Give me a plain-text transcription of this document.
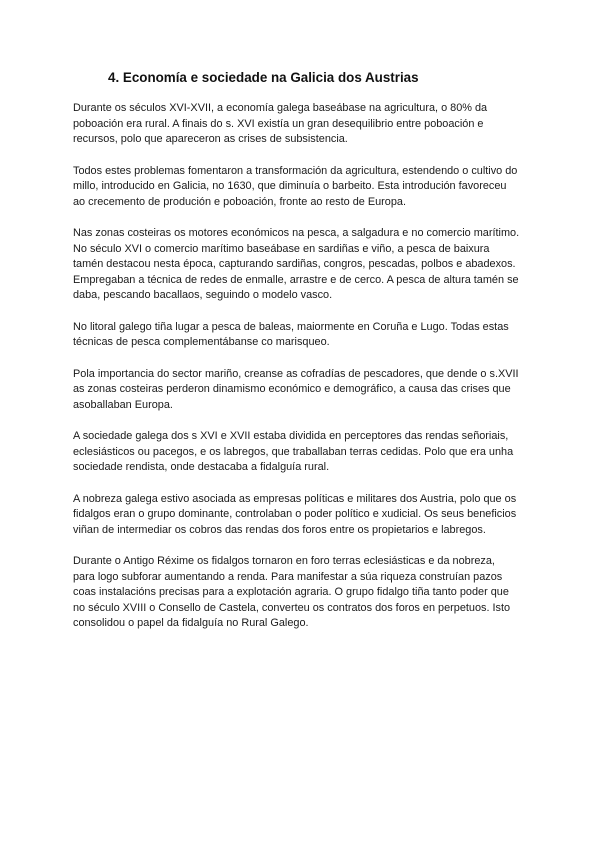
4. Economía e sociedade na Galicia dos Austrias

Durante os séculos XVI-XVII, a economía galega baseábase na agricultura, o 80% da
poboación era rural. A finais do s. XVI existía un gran desequilibrio entre poboación e
recursos, polo que apareceron as crises de subsistencia.

Todos estes problemas fomentaron a transformación da agricultura, estendendo o cultivo do
millo, introducido en Galicia, no 1630, que diminuía o barbeito. Esta introdución favoreceu
ao crecemento de produción e poboación, fronte ao resto de Europa.

Nas zonas costeiras os motores económicos na pesca, a salgadura e no comercio marítimo.
No século XVI o comercio marítimo baseábase en sardiñas e viño, a pesca de baixura
tamén destacou nesta época, capturando sardiñas, congros, pescadas, polbos e abadexos.
Empregaban a técnica de redes de enmalle, arrastre e de cerco. A pesca de altura tamén se
daba, pescando bacallaos, seguindo o modelo vasco.

No litoral galego tiña lugar a pesca de baleas, maiormente en Coruña e Lugo. Todas estas
técnicas de pesca complementábanse co marisqueo.

Pola importancia do sector mariño, creanse as cofradías de pescadores, que dende o s.XVII
as zonas costeiras perderon dinamismo económico e demográfico, a causa das crises que
asoballaban Europa.

A sociedade galega dos s XVI e XVII estaba dividida en perceptores das rendas señoriais,
eclesiásticos ou pacegos, e os labregos, que traballaban terras cedidas. Polo que era unha
sociedade rendista, onde destacaba a fidalguía rural.

A nobreza galega estivo asociada as empresas políticas e militares dos Austria, polo que os
fidalgos eran o grupo dominante, controlaban o poder político e xudicial. Os seus beneficios
viñan de intermediar os cobros das rendas dos foros entre os propietarios e labregos.

Durante o Antigo Réxime os fidalgos tornaron en foro terras eclesiásticas e da nobreza,
para logo subforar aumentando a renda. Para manifestar a súa riqueza construían pazos
coas instalacións precisas para a explotación agraria. O grupo fidalgo tiña tanto poder que
no século XVIII o Consello de Castela, converteu os contratos dos foros en perpetuos. Isto
consolidou o papel da fidalguía no Rural Galego.
